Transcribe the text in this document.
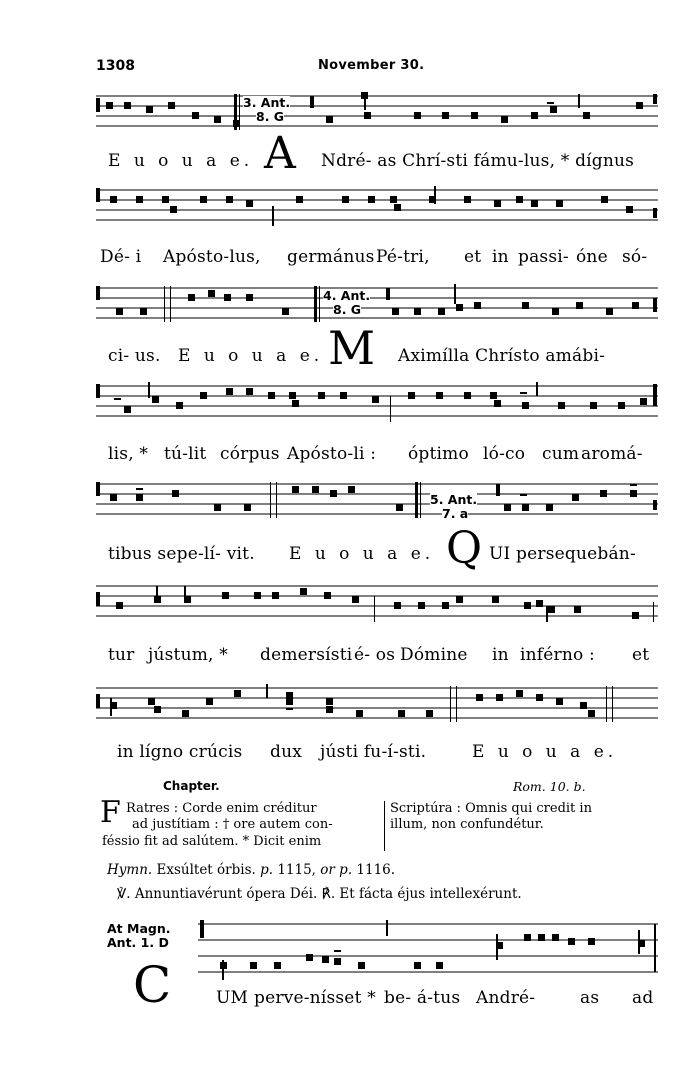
1308	November 30.
3. Ant.
8. G
E u o u a e. A Ndré- as Chrí-sti fámu-lus, * dígnus
Dé- i Apósto-lus, germánus Pé-tri, et in passi- óne só-
4. Ant.
8. G
ci- us. E u o u a e. M Aximílla Chrísto amábi-
lis, * tú-lit córpus Apósto-li : óptimo ló-co cum aromá-
5. Ant.
7. a
tibus sepe-lí- vit. E u o u a e. Q UI persequebán-
tur jústum, * demersísti é- os Dómine in inférno : et
in lígno crúcis dux jústi fu-í-sti.	E u o u a e.
Chapter.	Rom. 10. b.
F Ratres : Corde enim créditur
ad justítiam : † ore autem con-
féssio fit ad salútem. * Dicit enim
Scriptúra : Omnis qui credit in
illum, non confundétur.
Hymn. Exsúltet órbis. p. 1115, or p. 1116.
℣. Annuntiavérunt ópera Déi. ℟. Et fácta éjus intellexérunt.
At Magn.
Ant. 1. D
C	UM perve-nísset * be- á-tus André-	as ad
